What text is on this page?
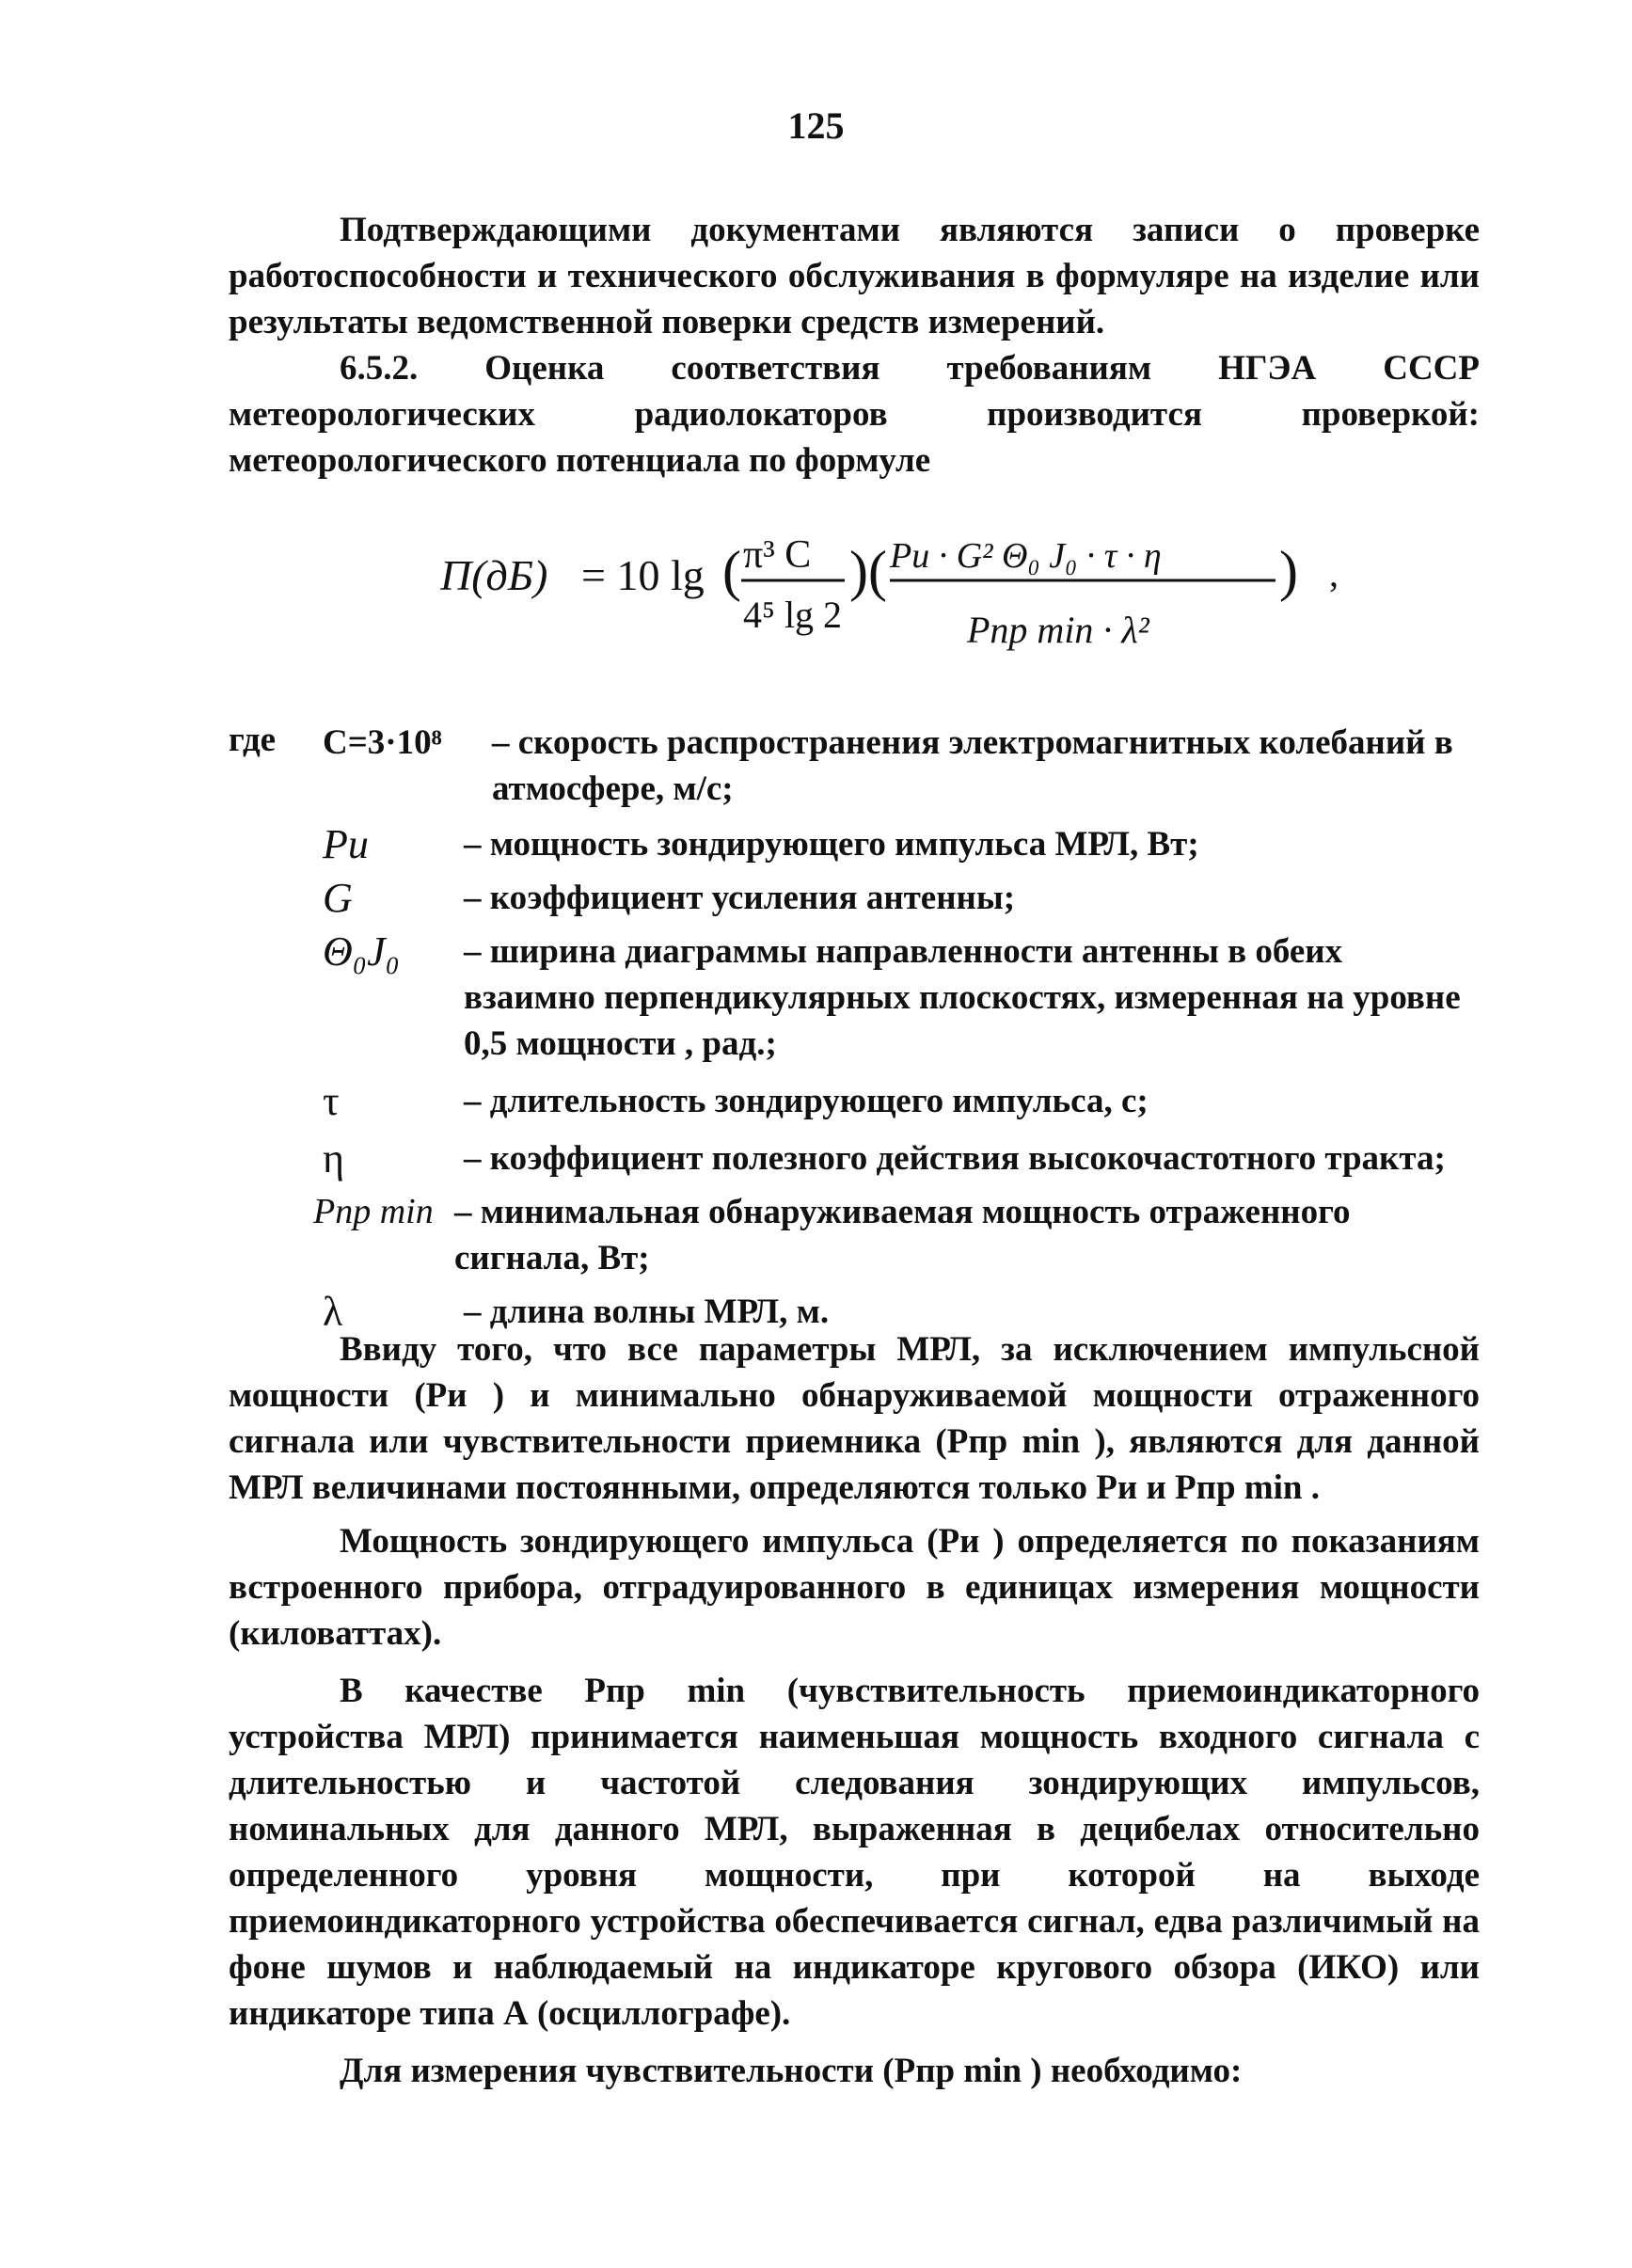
125

Подтверждающими документами являются записи о проверке работоспособности и технического обслуживания в формуляре на изделие или результаты ведомственной поверки средств измерений.

6.5.2. Оценка соответствия требованиям НГЭА СССР метеорологических радиолокаторов производится проверкой: метеорологического потенциала по формуле

П(дБ) = 10 lg ( π³ C
4⁵ lg 2
) ( Pи · G² Θ₀ J₀ · τ · η
Pпр min · λ²
) ,
где	C=3·10⁸	– скорость распространения электромагнитных колебаний в атмосфере, м/с;
Pи	– мощность зондирующего импульса МРЛ, Вт;
G	– коэффициент усиления антенны;
Θ₀J₀	– ширина диаграммы направленности антенны в обеих взаимно перпендикулярных плоскостях, измеренная на уровне 0,5 мощности , рад.;
τ	– длительность зондирующего импульса, с;
η	– коэффициент полезного действия высокочастотного тракта;
Pпр min – минимальная обнаруживаемая мощность отраженного сигнала, Вт;
λ	– длина волны МРЛ, м.

Ввиду того, что все параметры МРЛ, за исключением импульсной мощности (Pи ) и минимально обнаруживаемой мощности отраженного сигнала или чувствительности приемника (Pпр min ), являются для данной МРЛ величинами постоянными, определяются только Pи и Pпр min .

Мощность зондирующего импульса (Pи ) определяется по показаниям встроенного прибора, отградуированного в единицах измерения мощности (киловаттах).

В качестве Pпр min (чувствительность приемоиндикаторного устройства МРЛ) принимается наименьшая мощность входного сигнала с длительностью и частотой следования зондирующих импульсов, номинальных для данного МРЛ, выраженная в децибелах относительно определенного уровня мощности, при которой на выходе приемоиндикаторного устройства обеспечивается сигнал, едва различимый на фоне шумов и наблюдаемый на индикаторе кругового обзора (ИКО) или индикаторе типа А (осциллографе).

Для измерения чувствительности (Pпр min ) необходимо:
